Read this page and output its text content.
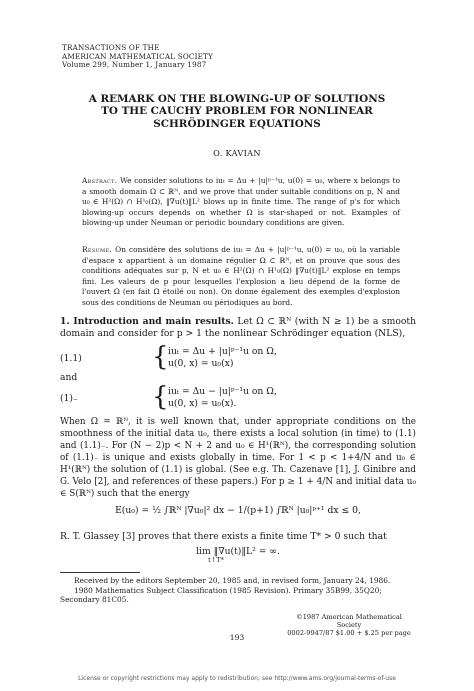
TRANSACTIONS OF THE
AMERICAN MATHEMATICAL SOCIETY
Volume 299, Number 1, January 1987
A REMARK ON THE BLOWING-UP OF SOLUTIONS
TO THE CAUCHY PROBLEM FOR NONLINEAR
SCHRÖDINGER EQUATIONS
O. KAVIAN
Abstract. We consider solutions to iuₜ = Δu + |u|ᵖ⁻¹u, u(0) = u₀, where x belongs to a smooth domain Ω ⊂ ℝᴺ, and we prove that under suitable conditions on p, N and u₀ ∈ H²(Ω) ∩ H¹₀(Ω), ‖∇u(t)‖L² blows up in finite time. The range of p's for which blowing-up occurs depends on whether Ω is star-shaped or not. Examples of blowing-up under Neuman or periodic boundary conditions are given.
Résumé. On considère des solutions de iuₜ = Δu + |u|ᵖ⁻¹u, u(0) = u₀, où la variable d'espace x appartient à un domaine régulier Ω ⊂ ℝᴺ, et on prouve que sous des conditions adéquates sur p, N et u₀ ∈ H²(Ω) ∩ H¹₀(Ω) ‖∇u(t)‖L² explose en temps fini. Les valeurs de p pour lesquelles l'explosion a lieu dépend de la forme de l'ouvert Ω (en fait Ω étoilé ou non). On donne également des exemples d'explosion sous des conditions de Neuman ou périodiques au bord.
1. Introduction and main results. Let Ω ⊂ ℝᴺ (with N ≥ 1) be a smooth domain and consider for p > 1 the nonlinear Schrödinger equation (NLS),
(1.1)	{ iuₜ = Δu + |u|ᵖ⁻¹u on Ω,
u(0, x) = u₀(x)
and
(1)₋	{ iuₜ = Δu − |u|ᵖ⁻¹u on Ω,
u(0, x) = u₀(x).
When Ω = ℝᴺ, it is well known that, under appropriate conditions on the smoothness of the initial data u₀, there exists a local solution (in time) to (1.1) and (1.1)₋. For (N − 2)p < N + 2 and u₀ ∈ H¹(ℝᴺ), the corresponding solution of (1.1)₋ is unique and exists globally in time. For 1 < p < 1+4/N and u₀ ∈ H¹(ℝᴺ) the solution of (1.1) is global. (See e.g. Th. Cazenave [1], J. Ginibre and G. Velo [2], and references of these papers.) For p ≥ 1 + 4/N and initial data u₀ ∈ S(ℝᴺ) such that the energy
E(u₀) = ½ ∫ℝᴺ |∇u₀|² dx − 1/(p+1) ∫ℝᴺ |u₀|ᵖ⁺¹ dx ≤ 0,
R. T. Glassey [3] proves that there exists a finite time T* > 0 such that
lim ‖∇u(t)‖L² = ∞.
t↑T*
Received by the editors September 20, 1985 and, in revised form, January 24, 1986.
1980 Mathematics Subject Classification (1985 Revision). Primary 35B99, 35Q20; Secondary 81C05.
©1987 American Mathematical Society
0002-9947/87 $1.00 + $.25 per page
193
License or copyright restrictions may apply to redistribution; see http://www.ams.org/journal-terms-of-use
